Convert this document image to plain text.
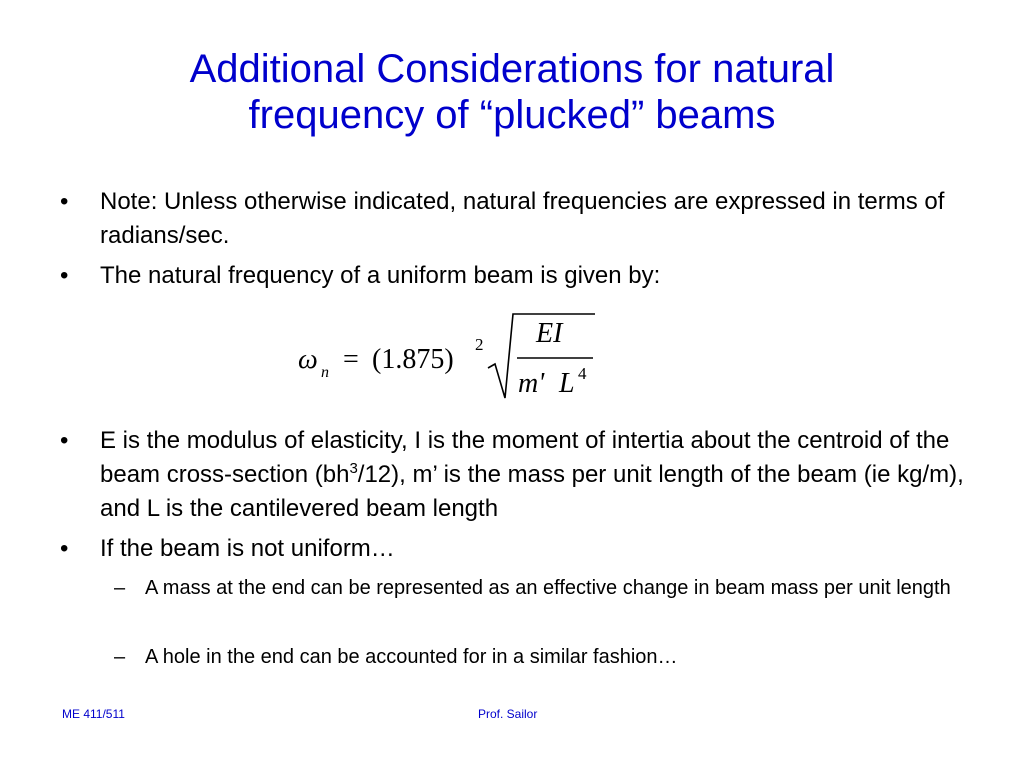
Additional Considerations for natural
frequency of “plucked” beams
• Note: Unless otherwise indicated, natural frequencies are expressed in terms of radians/sec.
• The natural frequency of a uniform beam is given by:
ω n = (1.875) 2 EI
m' L 4
• E is the modulus of elasticity, I is the moment of intertia about the centroid of the beam cross-section $(bh^3/12)$, m’ is the mass per unit length of the beam (ie kg/m), and L is the cantilevered beam length
• If the beam is not uniform…
– A mass at the end can be represented as an effective change in beam mass per unit length
– A hole in the end can be accounted for in a similar fashion…
ME 411/511	Prof. Sailor
